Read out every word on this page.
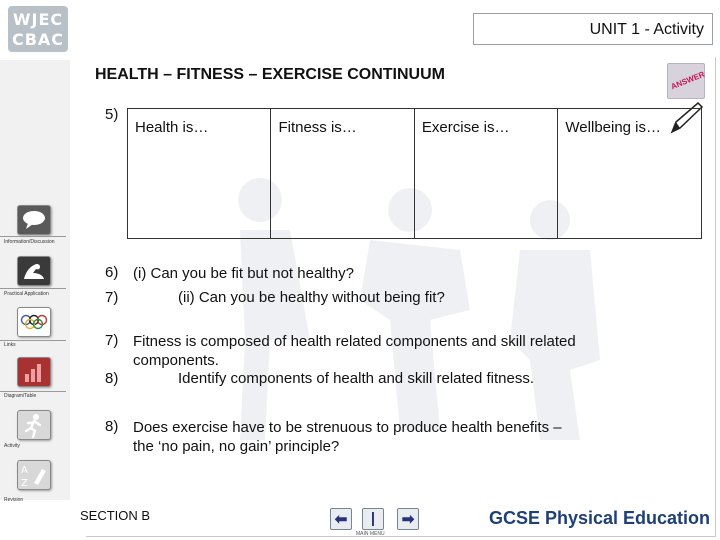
WJEC
CBAC
UNIT 1 - Activity
Information/Discussion
Practical Application
Links
Diagram/Table
Activity
A
Z
Revision
HEALTH – FITNESS – EXERCISE CONTINUUM	ANSWER
5)
Health is…	Fitness is…	Exercise is…	Wellbeing is…

6) (i) Can you be fit but not healthy?
7)	(ii) Can you be healthy without being fit?
7) Fitness is composed of health related components and skill related
components.
8)	Identify components of health and skill related fitness.
8) Does exercise have to be strenuous to produce health benefits –
the ‘no pain, no gain’ principle?
SECTION B	⬅	|
MAIN MENU
➡	GCSE Physical Education
